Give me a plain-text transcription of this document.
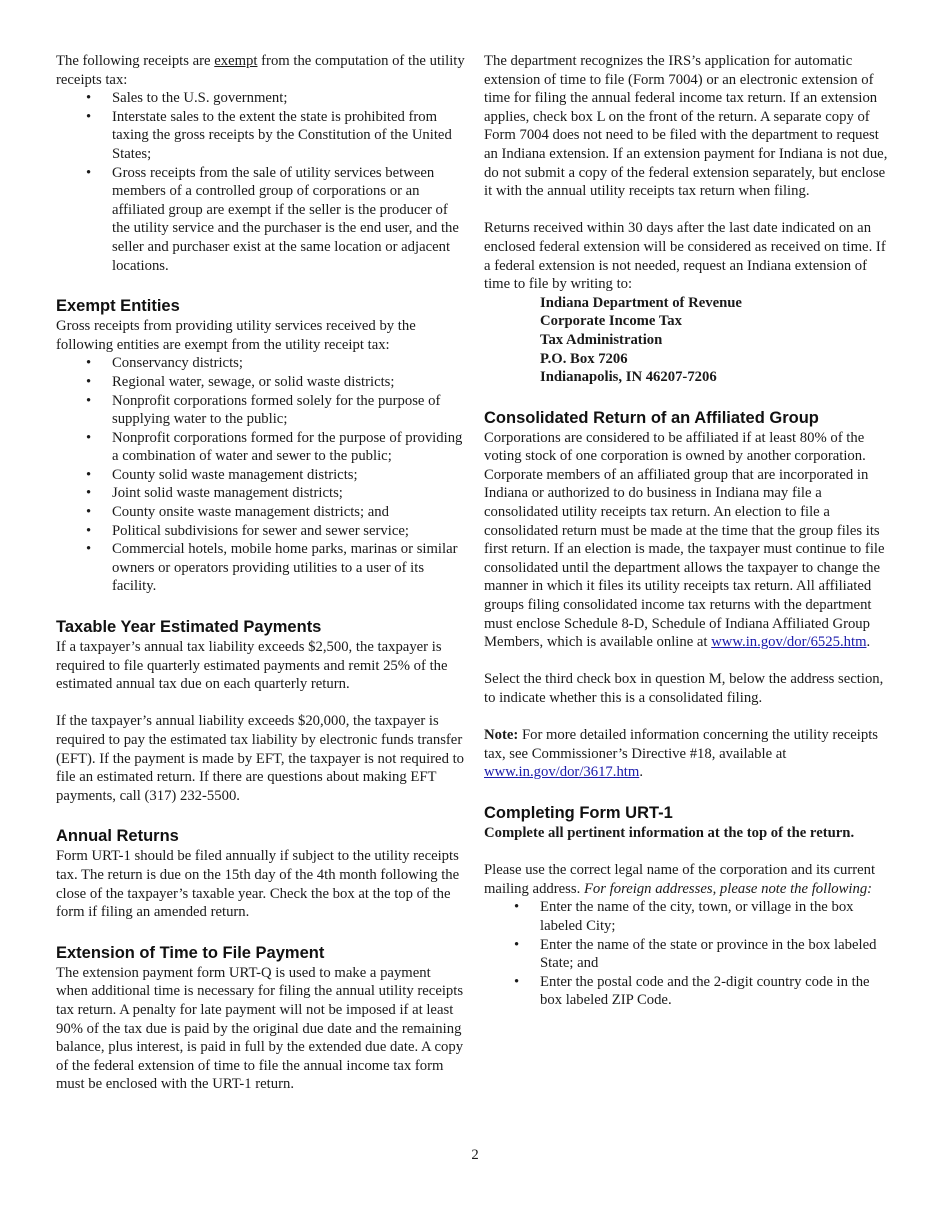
The following receipts are exempt from the computation of the utility receipts tax:

• Sales to the U.S. government;
• Interstate sales to the extent the state is prohibited from taxing the gross receipts by the Constitution of the United States;
• Gross receipts from the sale of utility services between members of a controlled group of corporations or an affiliated group are exempt if the seller is the producer of the utility service and the purchaser is the end user, and the seller and purchaser exist at the same location or adjacent locations.
Exempt Entities

Gross receipts from providing utility services received by the following entities are exempt from the utility receipt tax:

• Conservancy districts;
• Regional water, sewage, or solid waste districts;
• Nonprofit corporations formed solely for the purpose of supplying water to the public;
• Nonprofit corporations formed for the purpose of providing a combination of water and sewer to the public;
• County solid waste management districts;
• Joint solid waste management districts;
• County onsite waste management districts; and
• Political subdivisions for sewer and sewer service;
• Commercial hotels, mobile home parks, marinas or similar owners or operators providing utilities to a user of its facility.
Taxable Year Estimated Payments

If a taxpayer’s annual tax liability exceeds $2,500, the taxpayer is required to file quarterly estimated payments and remit 25% of the estimated annual tax due on each quarterly return.

If the taxpayer’s annual liability exceeds $20,000, the taxpayer is required to pay the estimated tax liability by electronic funds transfer (EFT). If the payment is made by EFT, the taxpayer is not required to file an estimated return. If there are questions about making EFT payments, call (317) 232-5500.

Annual Returns

Form URT-1 should be filed annually if subject to the utility receipts tax. The return is due on the 15th day of the 4th month following the close of the taxpayer’s taxable year. Check the box at the top of the form if filing an amended return.

Extension of Time to File Payment

The extension payment form URT-Q is used to make a payment when additional time is necessary for filing the annual utility receipts tax return. A penalty for late payment will not be imposed if at least 90% of the tax due is paid by the original due date and the remaining balance, plus interest, is paid in full by the extended due date. A copy of the federal extension of time to file the annual income tax form must be enclosed with the URT-1 return.

The department recognizes the IRS’s application for automatic extension of time to file (Form 7004) or an electronic extension of time for filing the annual federal income tax return. If an extension applies, check box L on the front of the return. A separate copy of Form 7004 does not need to be filed with the department to request an Indiana extension. If an extension payment for Indiana is not due, do not submit a copy of the federal extension separately, but enclose it with the annual utility receipts tax return when filing.

Returns received within 30 days after the last date indicated on an enclosed federal extension will be considered as received on time. If a federal extension is not needed, request an Indiana extension of time to file by writing to:

Indiana Department of Revenue
Corporate Income Tax
Tax Administration
P.O. Box 7206
Indianapolis, IN 46207-7206
Consolidated Return of an Affiliated Group

Corporations are considered to be affiliated if at least 80% of the voting stock of one corporation is owned by another corporation. Corporate members of an affiliated group that are incorporated in Indiana or authorized to do business in Indiana may file a consolidated utility receipts tax return. An election to file a consolidated return must be made at the time that the group files its first return. If an election is made, the taxpayer must continue to file consolidated until the department allows the taxpayer to change the manner in which it files its utility receipts tax return. All affiliated groups filing consolidated income tax returns with the department must enclose Schedule 8-D, Schedule of Indiana Affiliated Group Members, which is available online at www.in.gov/dor/6525.htm.

Select the third check box in question M, below the address section, to indicate whether this is a consolidated filing.

Note: For more detailed information concerning the utility receipts tax, see Commissioner’s Directive #18, available at www.in.gov/dor/3617.htm.

Completing Form URT-1

Complete all pertinent information at the top of the return.

Please use the correct legal name of the corporation and its current mailing address. For foreign addresses, please note the following:

• Enter the name of the city, town, or village in the box labeled City;
• Enter the name of the state or province in the box labeled State; and
• Enter the postal code and the 2-digit country code in the box labeled ZIP Code.
2
